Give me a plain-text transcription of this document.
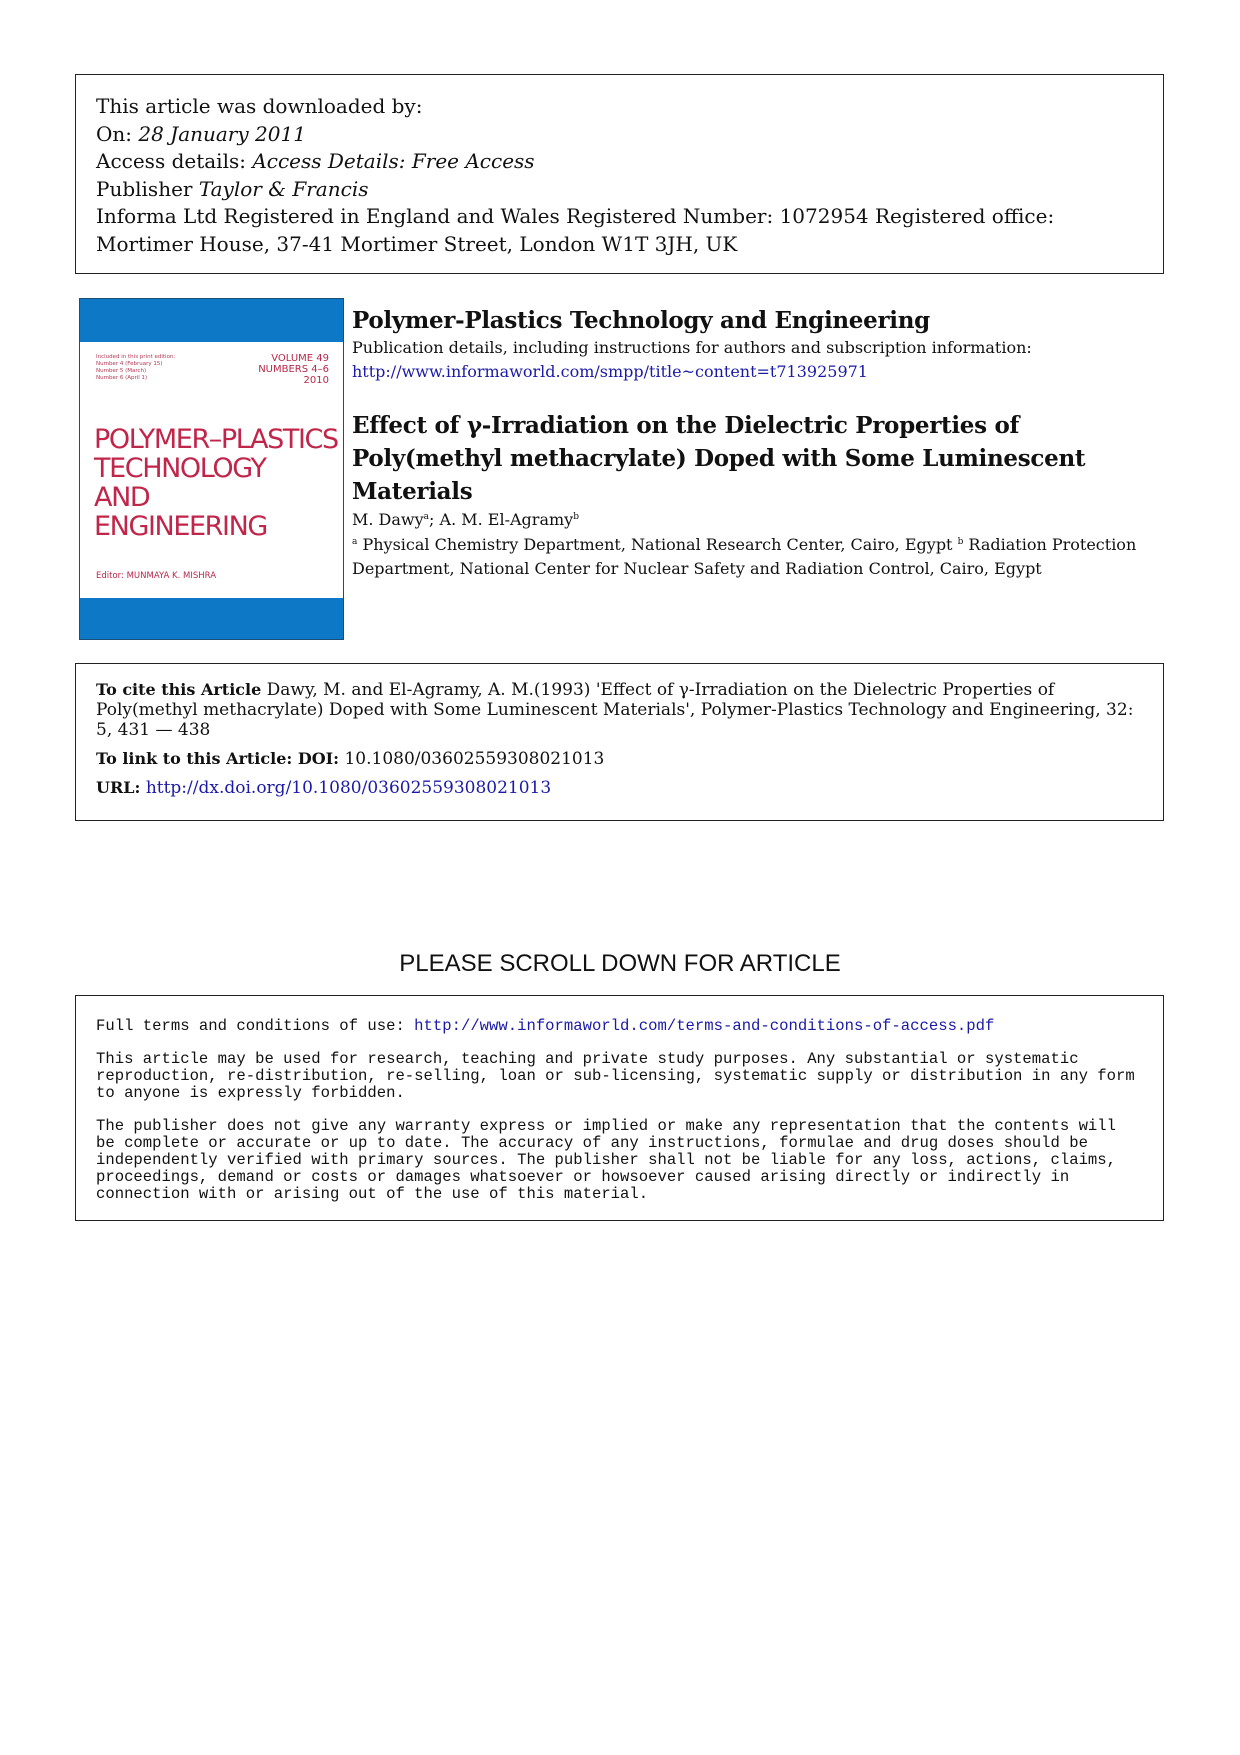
This article was downloaded by:
On: 28 January 2011
Access details: Access Details: Free Access
Publisher Taylor & Francis
Informa Ltd Registered in England and Wales Registered Number: 1072954 Registered office: Mortimer House, 37-41 Mortimer Street, London W1T 3JH, UK
Included in this print edition:
Number 4 (February 15)
Number 5 (March)
Number 6 (April 1)
VOLUME 49
NUMBERS 4–6
2010
POLYMER–PLASTICS
TECHNOLOGY
AND
ENGINEERING
Editor: MUNMAYA K. MISHRA
Polymer-Plastics Technology and Engineering
Publication details, including instructions for authors and subscription information:
http://www.informaworld.com/smpp/title~content=t713925971
Effect of γ-Irradiation on the Dielectric Properties of Poly(methyl methacrylate) Doped with Some Luminescent Materials
M. Dawy$^a$; A. M. El-Agramy$^b$
$^a$ Physical Chemistry Department, National Research Center, Cairo, Egypt $^b$ Radiation Protection Department, National Center for Nuclear Safety and Radiation Control, Cairo, Egypt
To cite this Article Dawy, M. and El-Agramy, A. M.(1993) 'Effect of γ-Irradiation on the Dielectric Properties of Poly(methyl methacrylate) Doped with Some Luminescent Materials', Polymer-Plastics Technology and Engineering, 32: 5, 431 — 438
To link to this Article: DOI: 10.1080/03602559308021013
URL: http://dx.doi.org/10.1080/03602559308021013
PLEASE SCROLL DOWN FOR ARTICLE

Full terms and conditions of use: http://www.informaworld.com/terms-and-conditions-of-access.pdf

This article may be used for research, teaching and private study purposes. Any substantial or systematic reproduction, re-distribution, re-selling, loan or sub-licensing, systematic supply or distribution in any form to anyone is expressly forbidden.

The publisher does not give any warranty express or implied or make any representation that the contents will be complete or accurate or up to date. The accuracy of any instructions, formulae and drug doses should be independently verified with primary sources. The publisher shall not be liable for any loss, actions, claims, proceedings, demand or costs or damages whatsoever or howsoever caused arising directly or indirectly in connection with or arising out of the use of this material.
